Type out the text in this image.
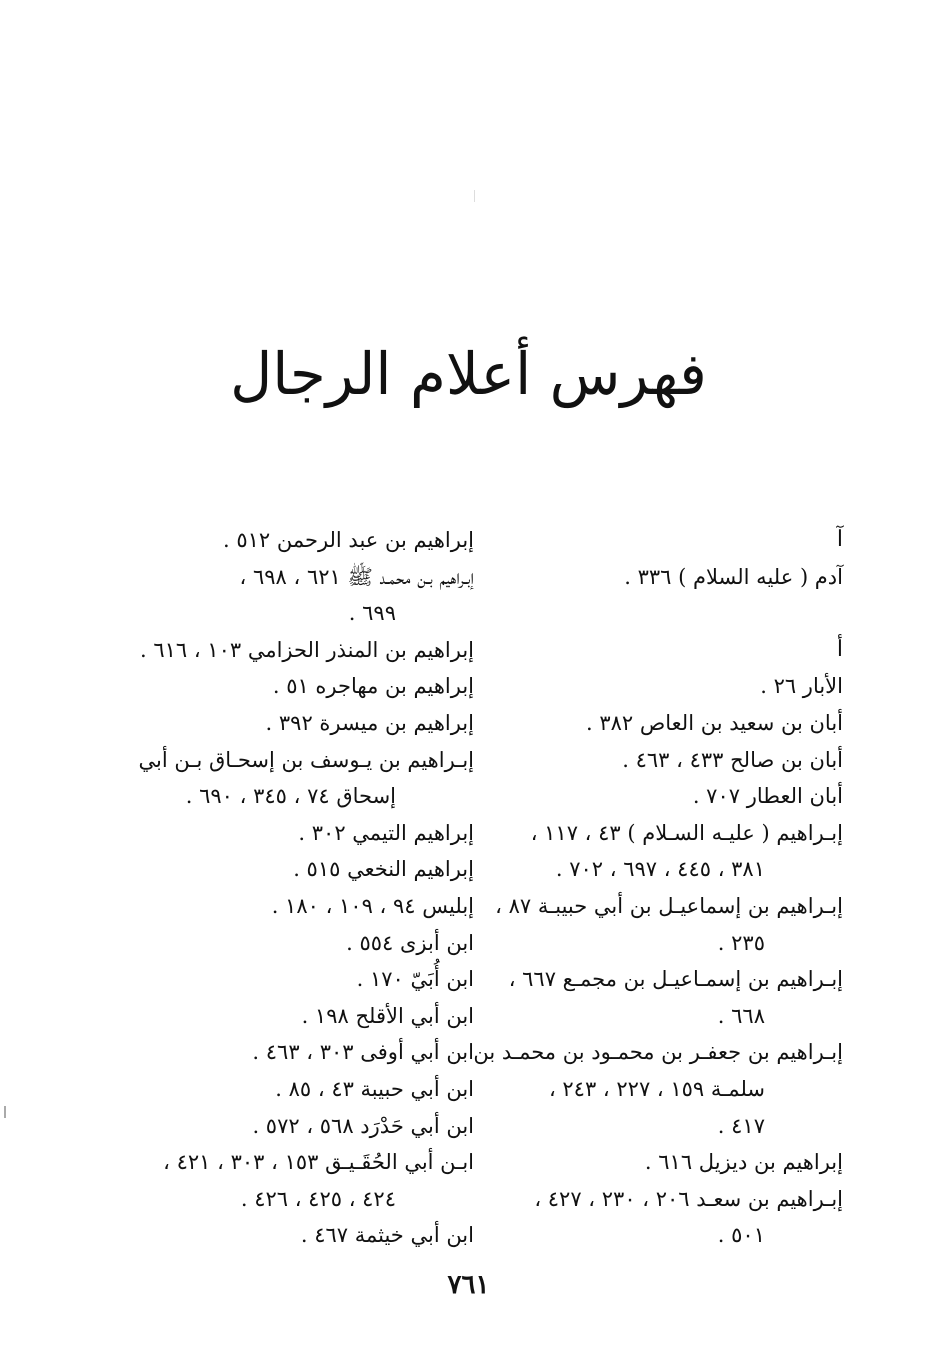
فهرس أعلام الرجال
آ
آدم ( عليه السلام ) ٣٣٦ .
أ
الأبار ٢٦ .
أبان بن سعيد بن العاص ٣٨٢ .
أبان بن صالح ٤٣٣ ، ٤٦٣ .
أبان العطار ٧٠٧ .
إبـراهيم ( عليـه السـلام ) ٤٣ ، ١١٧ ،
٣٨١ ، ٤٤٥ ، ٦٩٧ ، ٧٠٢ .
إبـراهيم بن إسماعيـل بن أبي حبيبـة ٨٧ ،
٢٣٥ .
إبـراهيم بن إسمـاعيـل بن مجمـع ٦٦٧ ،
٦٦٨ .
إبـراهيم بن جعفـر بن محمـود بن محمـد بن
سلمـة ١٥٩ ، ٢٢٧ ، ٢٤٣ ،
٤١٧ .
إبراهيم بن ديزيل ٦١٦ .
إبـراهيم بن سعـد ٢٠٦ ، ٢٣٠ ، ٤٢٧ ،
٥٠١ .
إبراهيم بن عبد الرحمن ٥١٢ .
إبـراهيم بـن محمـد ﷺ ٦٢١ ، ٦٩٨ ،
٦٩٩ .
إبراهيم بن المنذر الحزامي ١٠٣ ، ٦١٦ .
إبراهيم بن مهاجره ٥١ .
إبراهيم بن ميسرة ٣٩٢ .
إبـراهيم بن يـوسف بن إسحـاق بـن أبي
إسحاق ٧٤ ، ٣٤٥ ، ٦٩٠ .
إبراهيم التيمي ٣٠٢ .
إبراهيم النخعي ٥١٥ .
إبليس ٩٤ ، ١٠٩ ، ١٨٠ .
ابن أبزى ٥٥٤ .
ابن أُبَيّ ١٧٠ .
ابن أبي الأقلح ١٩٨ .
ابن أبي أوفى ٣٠٣ ، ٤٦٣ .
ابن أبي حبيبة ٤٣ ، ٨٥ .
ابن أبي حَدْرَد ٥٦٨ ، ٥٧٢ .
ابـن أبي الحُقَـيـق ١٥٣ ، ٣٠٣ ، ٤٢١ ،
٤٢٤ ، ٤٢٥ ، ٤٢٦ .
ابن أبي خيثمة ٤٦٧ .
٧٦١
